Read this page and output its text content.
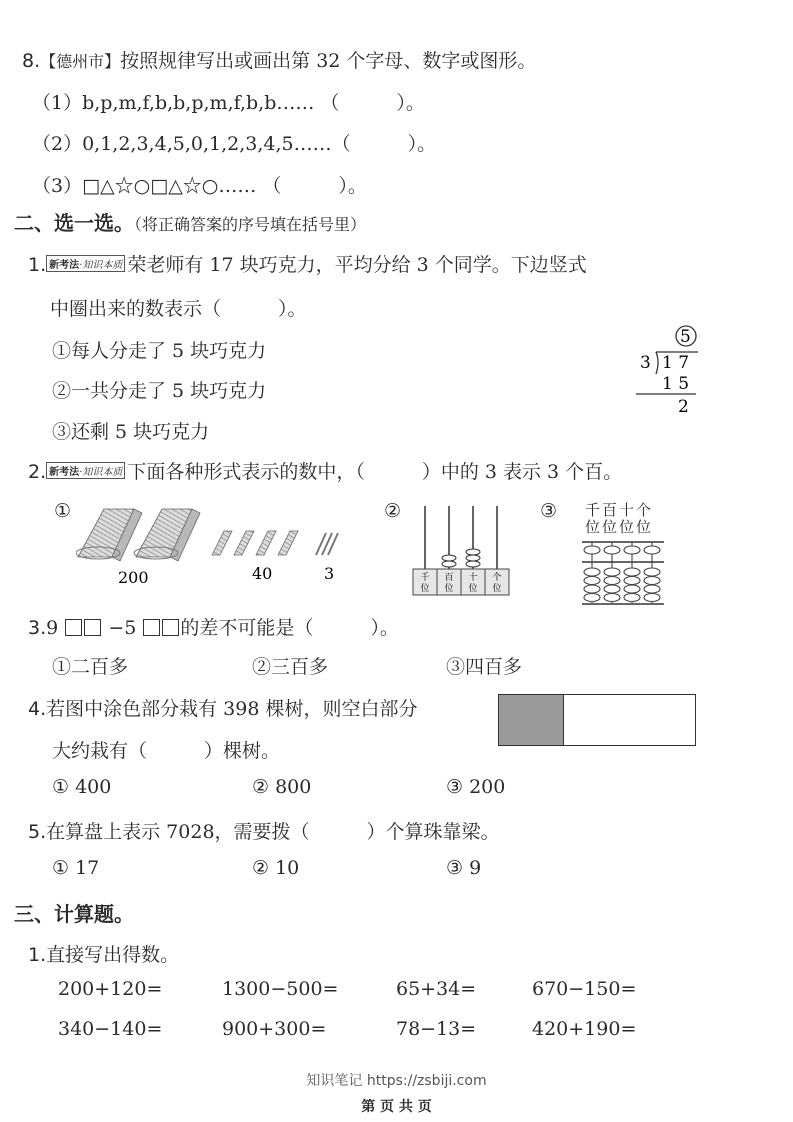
8.【德州市】按照规律写出或画出第 32 个字母、数字或图形。
（1）b,p,m,f,b,b,p,m,f,b,b…… （　　　）。
（2）0,1,2,3,4,5,0,1,2,3,4,5……（　　　）。
（3）□△☆○□△☆○…… （　　　）。
二、选一选。（将正确答案的序号填在括号里）
1. 新考法·知识本质 荣老师有 17 块巧克力，平均分给 3 个同学。下边竖式
中圈出来的数表示（　　　）。
①每人分走了 5 块巧克力
②一共分走了 5 块巧克力
③还剩 5 块巧克力
5
3 1 7
1 5
2
2. 新考法·知识本质 下面各种形式表示的数中，（　　　）中的 3 表示 3 个百。
①	②	③
200	40	3	千
位
百
位
十
位
个
位
千百十个
位位位位
3.9  −5 的差不可能是（　　　）。
①二百多	②三百多	③四百多
4.若图中涂色部分栽有 398 棵树，则空白部分
大约栽有（　　　）棵树。
① 400	② 800	③ 200
5.在算盘上表示 7028，需要拨（　　　）个算珠靠梁。
① 17	② 10	③ 9
三、计算题。
1.直接写出得数。
200+120=	1300−500=	65+34=	670−150=
340−140=	900+300=	78−13=	420+190=
知识笔记 https://zsbiji.com
第 页 共 页
